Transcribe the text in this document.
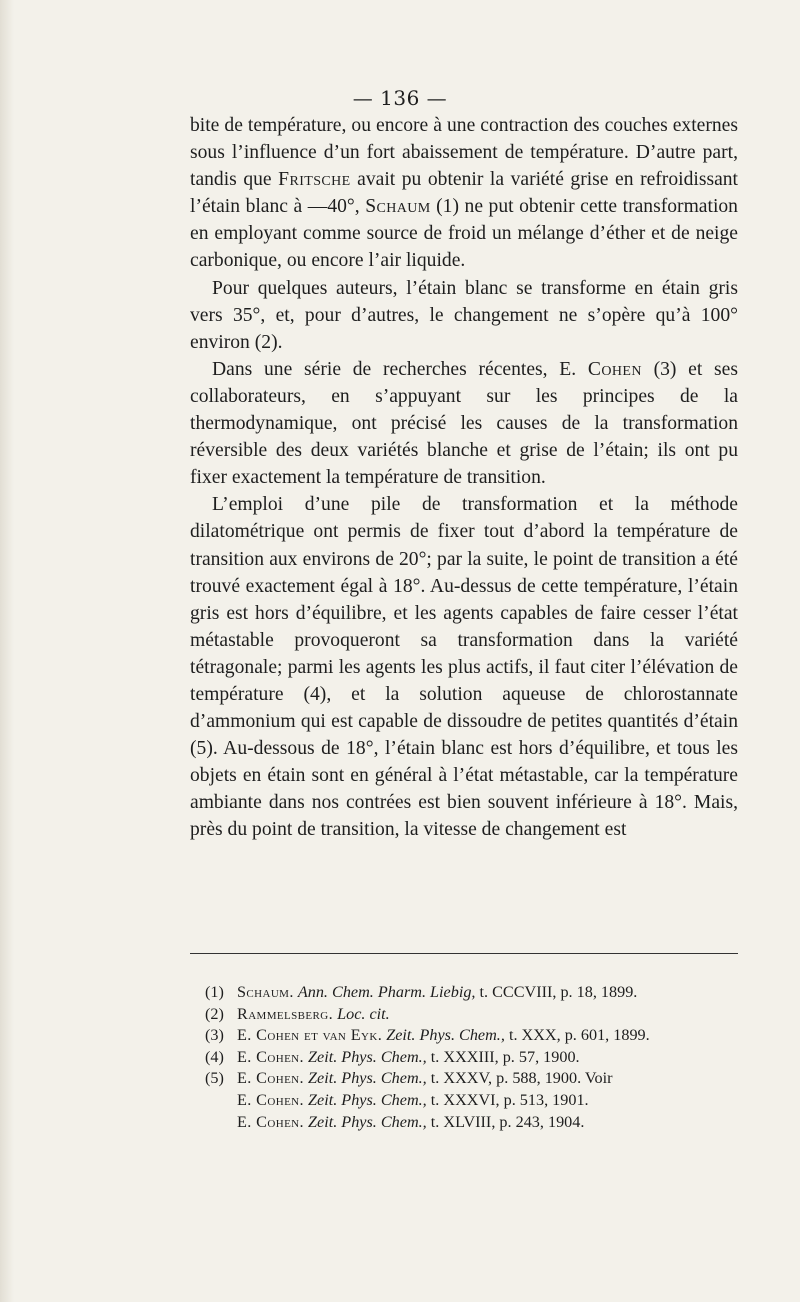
— 136 —

bite de température, ou encore à une contraction des couches externes sous l’influence d’un fort abaissement de température. D’autre part, tandis que Fritsche avait pu obtenir la variété grise en refroidissant l’étain blanc à —40°, Schaum (1) ne put obtenir cette transformation en employant comme source de froid un mélange d’éther et de neige carbonique, ou encore l’air liquide.

Pour quelques auteurs, l’étain blanc se transforme en étain gris vers 35°, et, pour d’autres, le changement ne s’opère qu’à 100° environ (2).

Dans une série de recherches récentes, E. Cohen (3) et ses collaborateurs, en s’appuyant sur les principes de la thermodynamique, ont précisé les causes de la transformation réversible des deux variétés blanche et grise de l’étain; ils ont pu fixer exactement la température de transition.

L’emploi d’une pile de transformation et la méthode dilatométrique ont permis de fixer tout d’abord la température de transition aux environs de 20°; par la suite, le point de transition a été trouvé exactement égal à 18°. Au-dessus de cette température, l’étain gris est hors d’équilibre, et les agents capables de faire cesser l’état métastable provoqueront sa transformation dans la variété tétragonale; parmi les agents les plus actifs, il faut citer l’élévation de température (4), et la solution aqueuse de chlorostannate d’ammonium qui est capable de dissoudre de petites quantités d’étain (5). Au-dessous de 18°, l’étain blanc est hors d’équilibre, et tous les objets en étain sont en général à l’état métastable, car la température ambiante dans nos contrées est bien souvent inférieure à 18°. Mais, près du point de transition, la vitesse de changement est

(1) Schaum. Ann. Chem. Pharm. Liebig, t. CCCVIII, p. 18, 1899.
(2) Rammelsberg. Loc. cit.
(3) E. Cohen et van Eyk. Zeit. Phys. Chem., t. XXX, p. 601, 1899.
(4) E. Cohen. Zeit. Phys. Chem., t. XXXIII, p. 57, 1900.
(5) E. Cohen. Zeit. Phys. Chem., t. XXXV, p. 588, 1900. Voir
E. Cohen. Zeit. Phys. Chem., t. XXXVI, p. 513, 1901.
E. Cohen. Zeit. Phys. Chem., t. XLVIII, p. 243, 1904.
